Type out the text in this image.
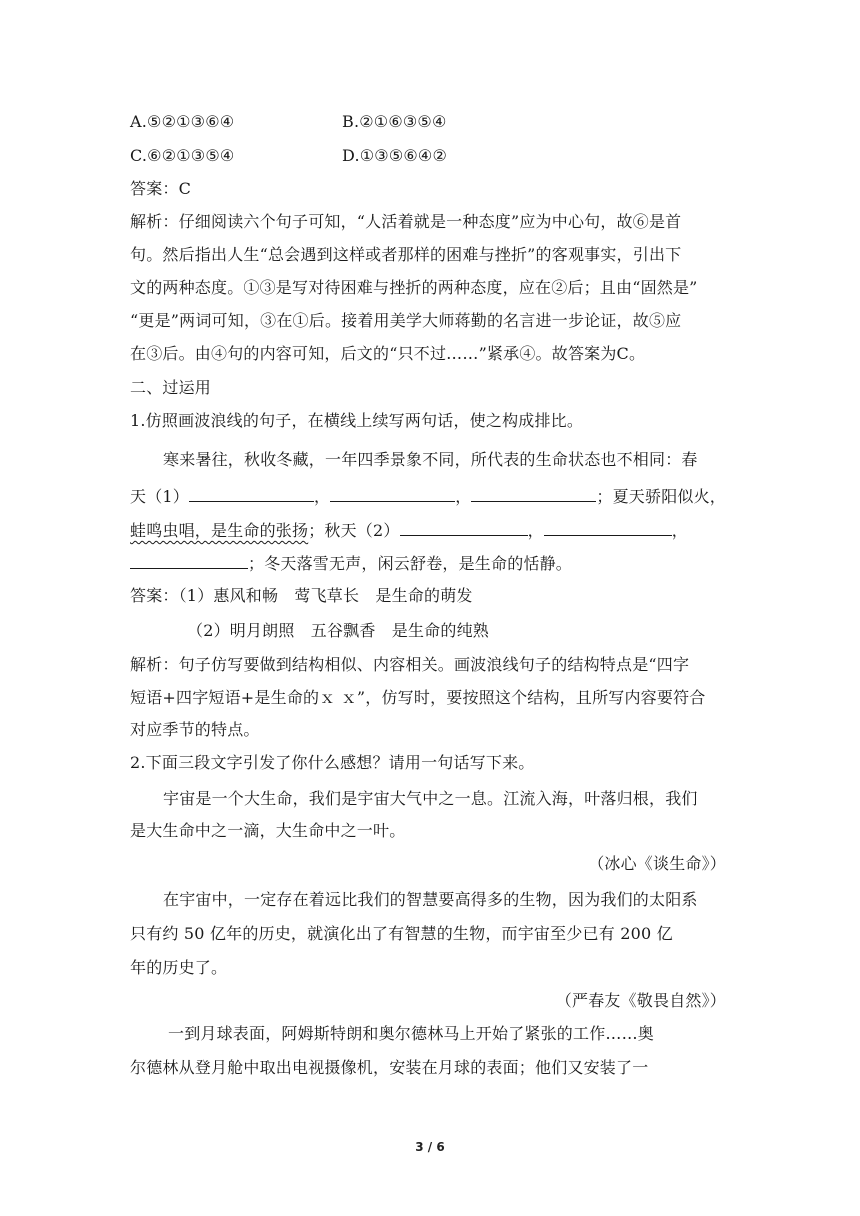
A.⑤②①③⑥④	B.②①⑥③⑤④
C.⑥②①③⑤④	D.①③⑤⑥④②
答案：C
解析：仔细阅读六个句子可知，“人活着就是一种态度”应为中心句，故⑥是首
句。然后指出人生“总会遇到这样或者那样的困难与挫折”的客观事实，引出下
文的两种态度。①③是写对待困难与挫折的两种态度，应在②后；且由“固然是”
“更是”两词可知，③在①后。接着用美学大师蒋勤的名言进一步论证，故⑤应
在③后。由④句的内容可知，后文的“只不过……”紧承④。故答案为C。
二、过运用
1.仿照画波浪线的句子，在横线上续写两句话，使之构成排比。
寒来暑往，秋收冬藏，一年四季景象不同，所代表的生命状态也不相同：春
天（1）	，	，	；夏天骄阳似火，
蛙鸣虫唱，是生命的张扬；秋天（2）	，	，
；冬天落雪无声，闲云舒卷，是生命的恬静。
答案：（1）惠风和畅　莺飞草长　是生命的萌发
（2）明月朗照　五谷飘香　是生命的纯熟
解析：句子仿写要做到结构相似、内容相关。画波浪线句子的结构特点是“四字
短语+四字短语+是生命的ｘ ｘ”，仿写时，要按照这个结构，且所写内容要符合
对应季节的特点。
2.下面三段文字引发了你什么感想？请用一句话写下来。
宇宙是一个大生命，我们是宇宙大气中之一息。江流入海，叶落归根，我们
是大生命中之一滴，大生命中之一叶。
（冰心《谈生命》）
在宇宙中，一定存在着远比我们的智慧要高得多的生物，因为我们的太阳系
只有约 50 亿年的历史，就演化出了有智慧的生物，而宇宙至少已有 200 亿
年的历史了。
（严春友《敬畏自然》）
一到月球表面，阿姆斯特朗和奥尔德林马上开始了紧张的工作……奥
尔德林从登月舱中取出电视摄像机，安装在月球的表面；他们又安装了一
3 / 6
